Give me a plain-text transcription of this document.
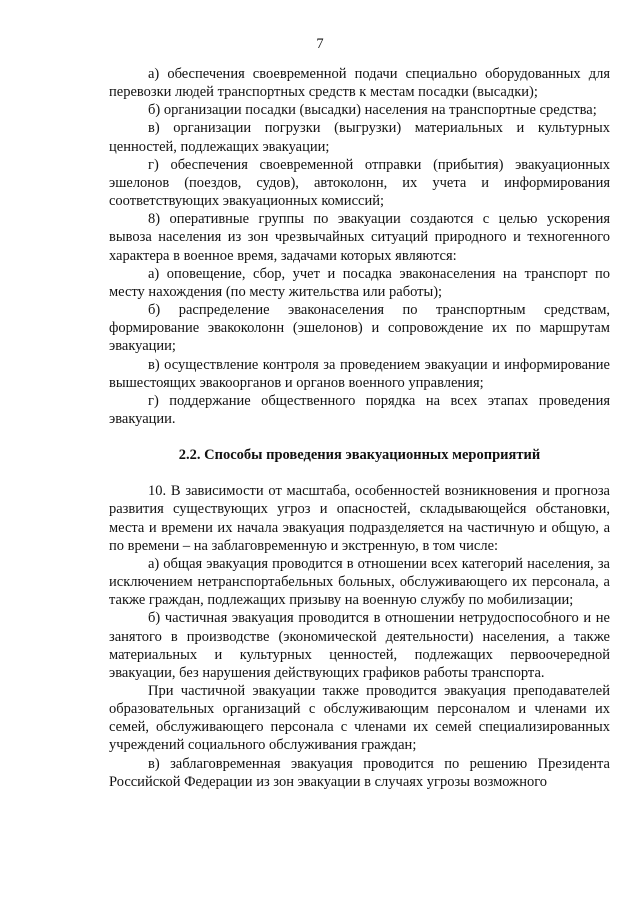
7

а) обеспечения своевременной подачи специально оборудованных для перевозки людей транспортных средств к местам посадки (высадки);

б) организации посадки (высадки) населения на транспортные средства;

в) организации погрузки (выгрузки) материальных и культурных ценностей, подлежащих эвакуации;

г) обеспечения своевременной отправки (прибытия) эвакуационных эшелонов (поездов, судов), автоколонн, их учета и информирования соответствующих эвакуационных комиссий;

8) оперативные группы по эвакуации создаются с целью ускорения вывоза населения из зон чрезвычайных ситуаций природного и техногенного характера в военное время, задачами которых являются:

а) оповещение, сбор, учет и посадка эваконаселения на транспорт по месту нахождения (по месту жительства или работы);

б) распределение эваконаселения по транспортным средствам, формирование эвакоколонн (эшелонов) и сопровождение их по маршрутам эвакуации;

в) осуществление контроля за проведением эвакуации и информирование вышестоящих эвакоорганов и органов военного управления;

г) поддержание общественного порядка на всех этапах проведения эвакуации.

2.2. Способы проведения эвакуационных мероприятий

10. В зависимости от масштаба, особенностей возникновения и прогноза развития существующих угроз и опасностей, складывающейся обстановки, места и времени их начала эвакуация подразделяется на частичную и общую, а по времени – на заблаговременную и экстренную, в том числе:

а) общая эвакуация проводится в отношении всех категорий населения, за исключением нетранспортабельных больных, обслуживающего их персонала, а также граждан, подлежащих призыву на военную службу по мобилизации;

б) частичная эвакуация проводится в отношении нетрудоспособного и не занятого в производстве (экономической деятельности) населения, а также материальных и культурных ценностей, подлежащих первоочередной эвакуации, без нарушения действующих графиков работы транспорта.

При частичной эвакуации также проводится эвакуация преподавателей образовательных организаций с обслуживающим персоналом и членами их семей, обслуживающего персонала с членами их семей специализированных учреждений социального обслуживания граждан;

в) заблаговременная эвакуация проводится по решению Президента Российской Федерации из зон эвакуации в случаях угрозы возможного
